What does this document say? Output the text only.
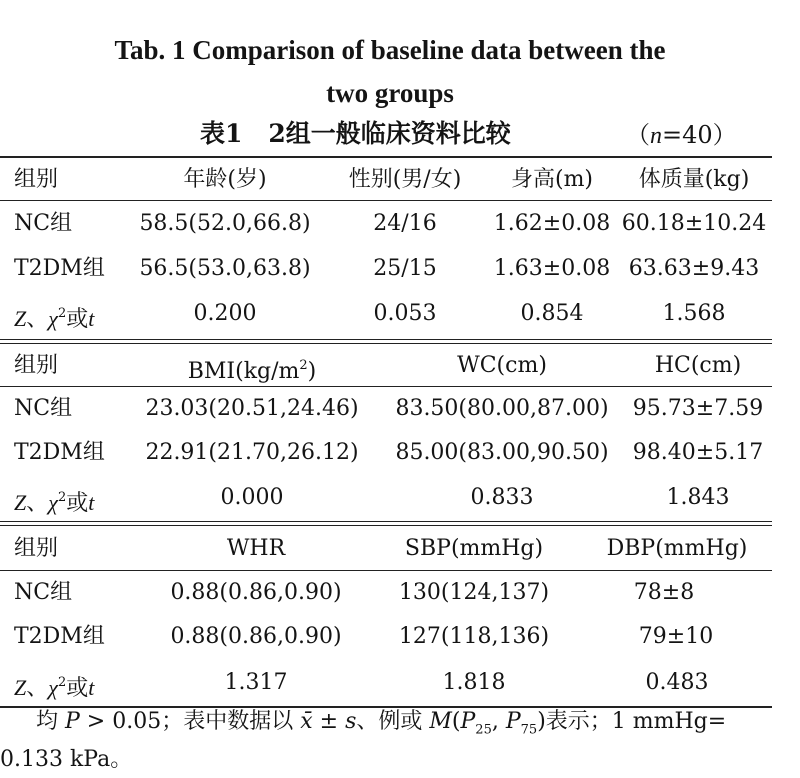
Tab. 1 Comparison of baseline data between the
two groups
表1 2组一般临床资料比较	（n=40）
组别	年龄(岁)	性别(男/女) 身高(m) 体质量(kg)
NC组	58.5(52.0,66.8)	24/16	1.62±0.08 60.18±10.24
T2DM组 56.5(53.0,63.8)	25/15	1.63±0.08 63.63±9.43
Z、$\chi^2$或t	0.200	0.053	0.854	1.568
组别	$BMI(kg/m^2)$	WC(cm)	HC(cm)
NC组	23.03(20.51,24.46) 83.50(80.00,87.00) 95.73±7.59
T2DM组 22.91(21.70,26.12) 85.00(83.00,90.50) 98.40±5.17
Z、$\chi^2$或t	0.000	0.833	1.843
组别	WHR	SBP(mmHg)	DBP(mmHg)
NC组	0.88(0.86,0.90)	130(124,137)	78±8
T2DM组	0.88(0.86,0.90)	127(118,136)	79±10
Z、$\chi^2$或t	1.317	1.818	0.483
均 P > 0.05；表中数据以 x̄ ± s、例或 $M(P_{25}$, $P_{75}$)表示；1 mmHg=
0.133 kPa。
